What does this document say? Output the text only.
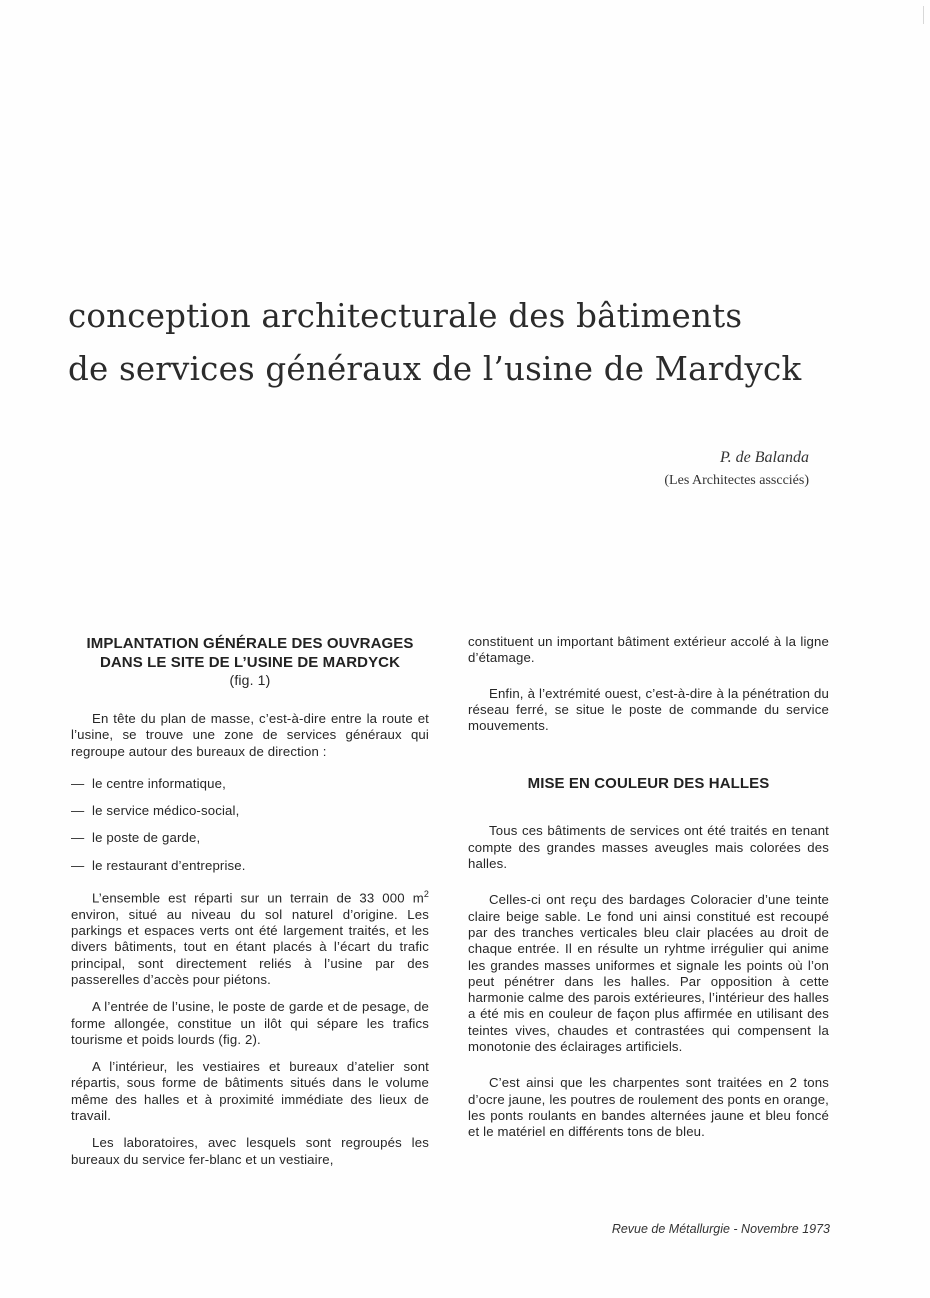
conception architecturale des bâtiments
de services généraux de l’usine de Mardyck

P. de Balanda

(Les Architectes asscciés)

IMPLANTATION GÉNÉRALE DES OUVRAGES
DANS LE SITE DE L’USINE DE MARDYCK

(fig. 1)

En tête du plan de masse, c’est-à-dire entre la route et l’usine, se trouve une zone de services généraux qui regroupe autour des bureaux de direction :

— le centre informatique,
— le service médico-social,
— le poste de garde,
— le restaurant d’entreprise.

L’ensemble est réparti sur un terrain de 33 000 $m^2$ environ, situé au niveau du sol naturel d’origine. Les parkings et espaces verts ont été largement traités, et les divers bâtiments, tout en étant placés à l’écart du trafic principal, sont directement reliés à l’usine par des passerelles d’accès pour piétons.

A l’entrée de l’usine, le poste de garde et de pesage, de forme allongée, constitue un ilôt qui sépare les trafics tourisme et poids lourds (fig. 2).

A l’intérieur, les vestiaires et bureaux d’atelier sont répartis, sous forme de bâtiments situés dans le volume même des halles et à proximité immédiate des lieux de travail.

Les laboratoires, avec lesquels sont regroupés les bureaux du service fer-blanc et un vestiaire,

constituent un important bâtiment extérieur accolé à la ligne d’étamage.

Enfin, à l’extrémité ouest, c’est-à-dire à la pénétration du réseau ferré, se situe le poste de commande du service mouvements.

MISE EN COULEUR DES HALLES

Tous ces bâtiments de services ont été traités en tenant compte des grandes masses aveugles mais colorées des halles.

Celles-ci ont reçu des bardages Coloracier d’une teinte claire beige sable. Le fond uni ainsi constitué est recoupé par des tranches verticales bleu clair placées au droit de chaque entrée. Il en résulte un ryhtme irrégulier qui anime les grandes masses uniformes et signale les points où l’on peut pénétrer dans les halles. Par opposition à cette harmonie calme des parois extérieures, l’intérieur des halles a été mis en couleur de façon plus affirmée en utilisant des teintes vives, chaudes et contrastées qui compensent la monotonie des éclairages artificiels.

C’est ainsi que les charpentes sont traitées en 2 tons d’ocre jaune, les poutres de roulement des ponts en orange, les ponts roulants en bandes alternées jaune et bleu foncé et le matériel en différents tons de bleu.

Revue de Métallurgie - Novembre 1973
